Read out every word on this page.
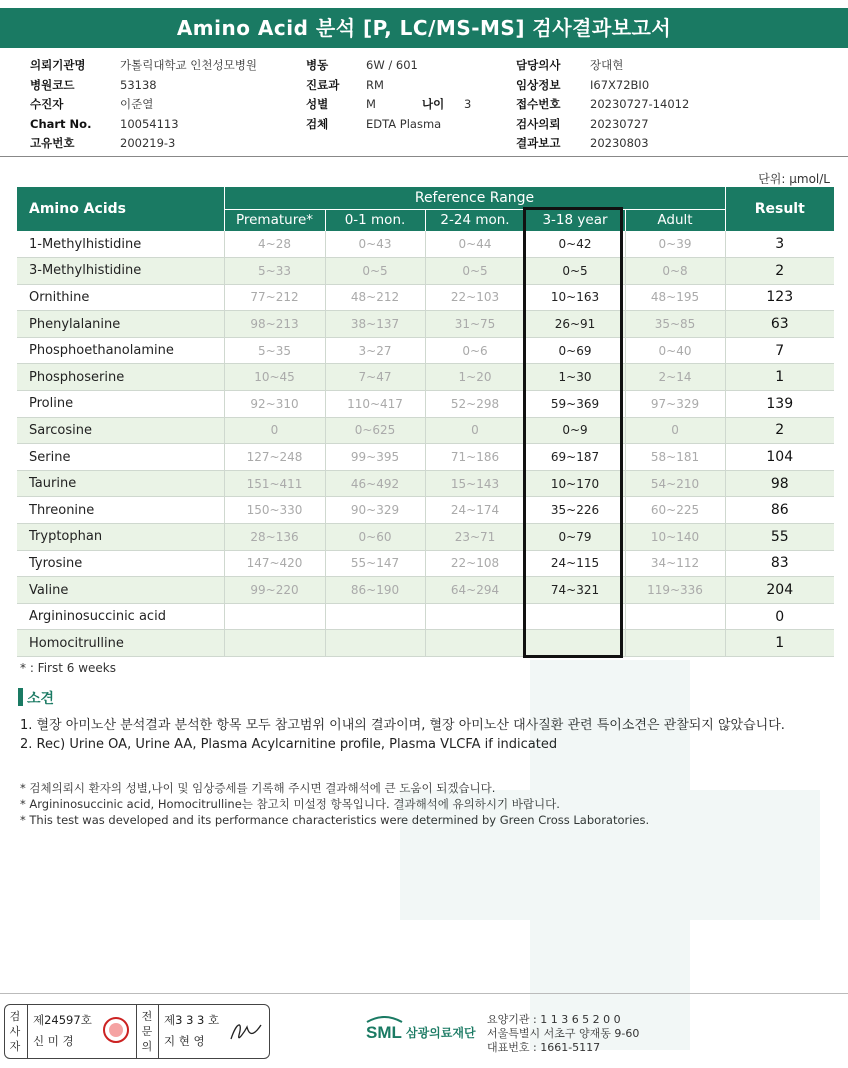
Amino Acid 분석 [P, LC/MS-MS] 검사결과보고서
의뢰기관명	가톨릭대학교 인천성모병원
병원코드	53138
수진자	이준열
Chart No. 10054113
고유번호	200219-3
병동	6W / 601
진료과 RM
성별	M	나이 3
검체	EDTA Plasma
담당의사	장대현
임상정보	I67X72BI0
접수번호	20230727-14012
검사의뢰	20230727
결과보고	20230803
단위: µmol/L
Amino Acids	Reference Range					Result
	Premature*	0-1 mon.	2-24 mon.	3-18 year	Adult	
1-Methylhistidine	4~28	0~43	0~44	0~42	0~39	3
3-Methylhistidine	5~33	0~5	0~5	0~5	0~8	2
Ornithine	77~212	48~212	22~103	10~163	48~195	123
Phenylalanine	98~213	38~137	31~75	26~91	35~85	63
Phosphoethanolamine	5~35	3~27	0~6	0~69	0~40	7
Phosphoserine	10~45	7~47	1~20	1~30	2~14	1
Proline	92~310	110~417	52~298	59~369	97~329	139
Sarcosine	0	0~625	0	0~9	0	2
Serine	127~248	99~395	71~186	69~187	58~181	104
Taurine	151~411	46~492	15~143	10~170	54~210	98
Threonine	150~330	90~329	24~174	35~226	60~225	86
Tryptophan	28~136	0~60	23~71	0~79	10~140	55
Tyrosine	147~420	55~147	22~108	24~115	34~112	83
Valine	99~220	86~190	64~294	74~321	119~336	204
Argininosuccinic acid						0
Homocitrulline						1
* : First 6 weeks
소견
1. 혈장 아미노산 분석결과 분석한 항목 모두 참고범위 이내의 결과이며, 혈장 아미노산 대사질환 관련 특이소견은 관찰되지 않았습니다.
2. Rec) Urine OA, Urine AA, Plasma Acylcarnitine profile, Plasma VLCFA if indicated
* 검체의뢰시 환자의 성별,나이 및 임상증세를 기록해 주시면 결과해석에 큰 도움이 되겠습니다.
* Argininosuccinic acid, Homocitrulline는 참고치 미설정 항목입니다. 결과해석에 유의하시기 바랍니다.
* This test was developed and its performance characteristics were determined by Green Cross Laboratories.
검사자
제24597호
신 미 경
전문의
제3 3 3 호
지 현 영	SML 삼광의료재단
요양기관 : 1 1 3 6 5 2 0 0
서울특별시 서초구 양재동 9-60
대표번호 : 1661-5117
